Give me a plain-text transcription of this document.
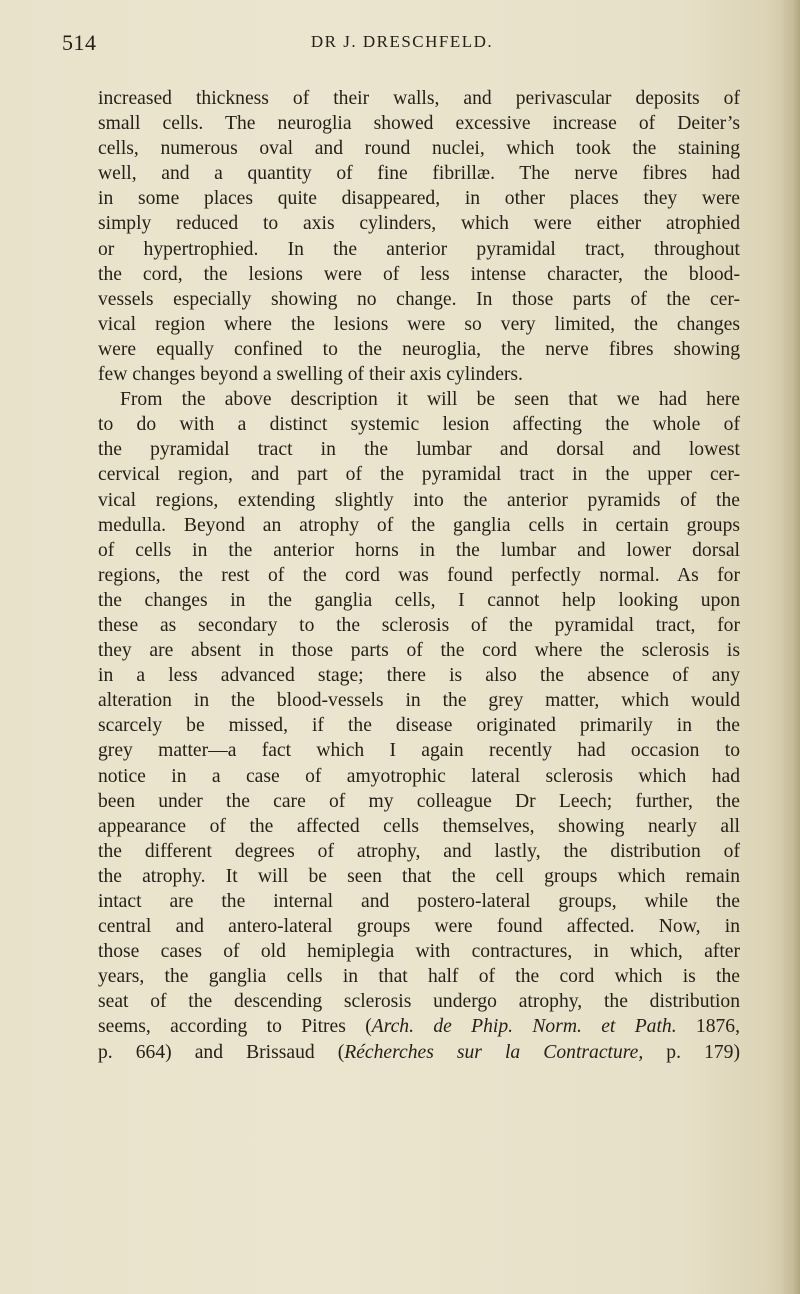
514	DR J. DRESCHFELD.
increased thickness of their walls, and perivascular deposits of
small cells. The neuroglia showed excessive increase of Deiter’s
cells, numerous oval and round nuclei, which took the staining
well, and a quantity of fine fibrillæ. The nerve fibres had
in some places quite disappeared, in other places they were
simply reduced to axis cylinders, which were either atrophied
or hypertrophied. In the anterior pyramidal tract, throughout
the cord, the lesions were of less intense character, the blood-
vessels especially showing no change. In those parts of the cer-
vical region where the lesions were so very limited, the changes
were equally confined to the neuroglia, the nerve fibres showing
few changes beyond a swelling of their axis cylinders.
From the above description it will be seen that we had here
to do with a distinct systemic lesion affecting the whole of
the pyramidal tract in the lumbar and dorsal and lowest
cervical region, and part of the pyramidal tract in the upper cer-
vical regions, extending slightly into the anterior pyramids of the
medulla. Beyond an atrophy of the ganglia cells in certain groups
of cells in the anterior horns in the lumbar and lower dorsal
regions, the rest of the cord was found perfectly normal. As for
the changes in the ganglia cells, I cannot help looking upon
these as secondary to the sclerosis of the pyramidal tract, for
they are absent in those parts of the cord where the sclerosis is
in a less advanced stage; there is also the absence of any
alteration in the blood-vessels in the grey matter, which would
scarcely be missed, if the disease originated primarily in the
grey matter—a fact which I again recently had occasion to
notice in a case of amyotrophic lateral sclerosis which had
been under the care of my colleague Dr Leech; further, the
appearance of the affected cells themselves, showing nearly all
the different degrees of atrophy, and lastly, the distribution of
the atrophy. It will be seen that the cell groups which remain
intact are the internal and postero-lateral groups, while the
central and antero-lateral groups were found affected. Now, in
those cases of old hemiplegia with contractures, in which, after
years, the ganglia cells in that half of the cord which is the
seat of the descending sclerosis undergo atrophy, the distribution
seems, according to Pitres (Arch. de Phip. Norm. et Path. 1876,
p. 664) and Brissaud (Récherches sur la Contracture, p. 179)
